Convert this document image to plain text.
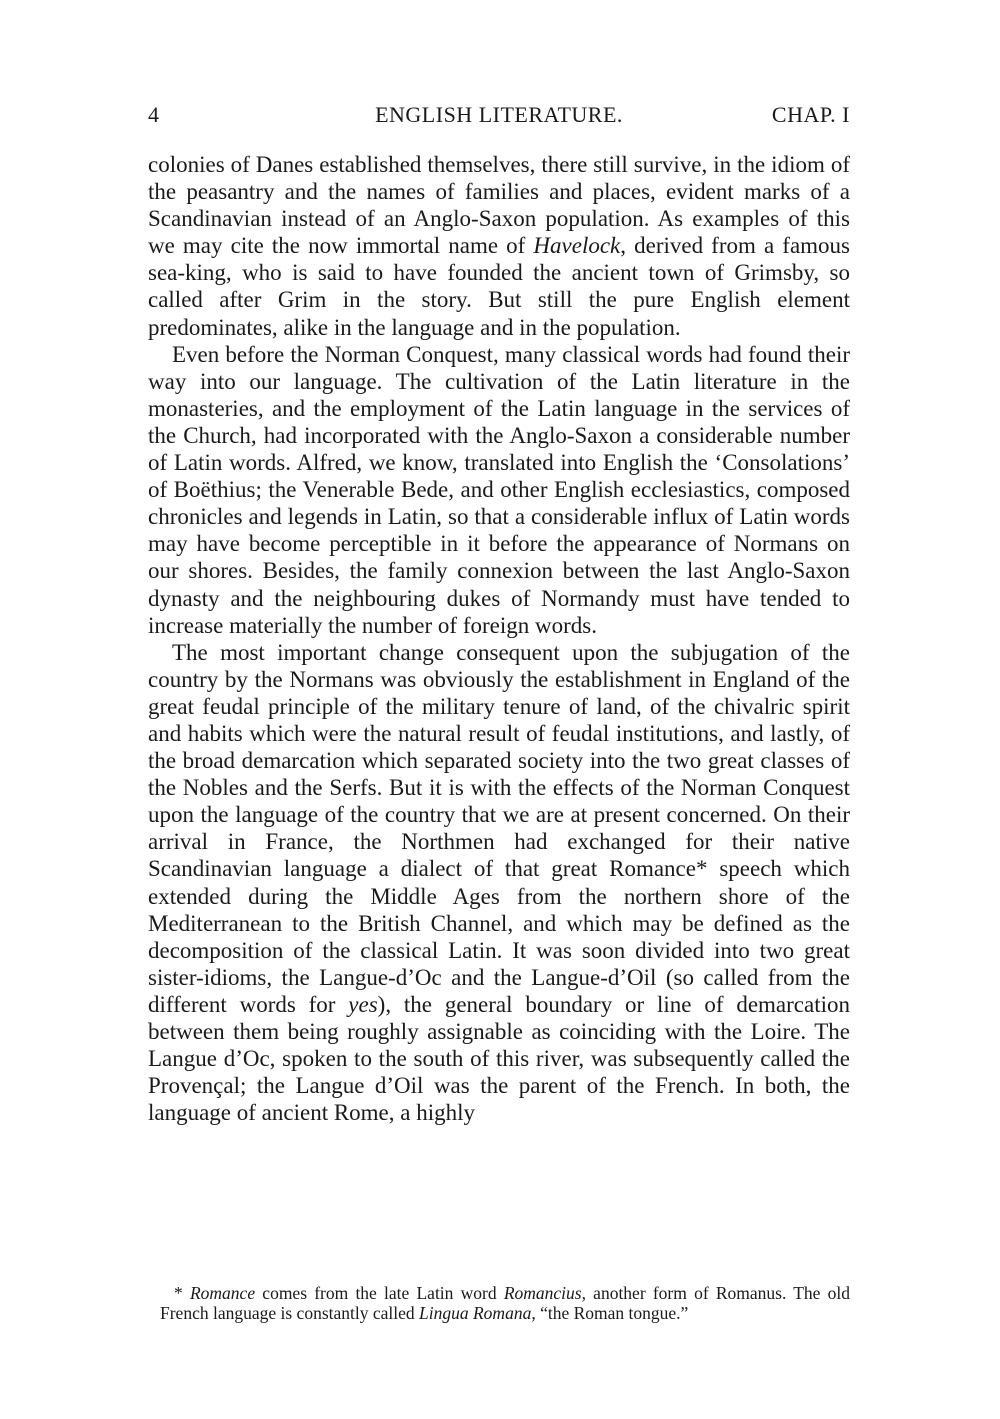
4	ENGLISH LITERATURE.	CHAP. I

colonies of Danes established themselves, there still survive, in the idiom of the peasantry and the names of families and places, evident marks of a Scandinavian instead of an Anglo-Saxon population. As examples of this we may cite the now immortal name of Havelock, derived from a famous sea-king, who is said to have founded the ancient town of Grimsby, so called after Grim in the story. But still the pure English element predominates, alike in the language and in the population.

Even before the Norman Conquest, many classical words had found their way into our language. The cultivation of the Latin literature in the monasteries, and the employment of the Latin language in the services of the Church, had incorporated with the Anglo-Saxon a considerable number of Latin words. Alfred, we know, translated into English the ‘Consolations’ of Boëthius; the Venerable Bede, and other English ecclesiastics, composed chronicles and legends in Latin, so that a considerable influx of Latin words may have become perceptible in it before the appearance of Normans on our shores. Besides, the family connexion between the last Anglo-Saxon dynasty and the neighbouring dukes of Normandy must have tended to increase materially the number of foreign words.

The most important change consequent upon the subjugation of the country by the Normans was obviously the establishment in England of the great feudal principle of the military tenure of land, of the chivalric spirit and habits which were the natural result of feudal institutions, and lastly, of the broad demarcation which separated society into the two great classes of the Nobles and the Serfs. But it is with the effects of the Norman Conquest upon the language of the country that we are at present concerned. On their arrival in France, the Northmen had exchanged for their native Scandinavian language a dialect of that great Romance* speech which extended during the Middle Ages from the northern shore of the Mediterranean to the British Channel, and which may be defined as the decomposition of the classical Latin. It was soon divided into two great sister-idioms, the Langue-d’Oc and the Langue-d’Oil (so called from the different words for yes), the general boundary or line of demarcation between them being roughly assignable as coinciding with the Loire. The Langue d’Oc, spoken to the south of this river, was subsequently called the Provençal; the Langue d’Oil was the parent of the French. In both, the language of ancient Rome, a highly

* Romance comes from the late Latin word Romancius, another form of Romanus. The old French language is constantly called Lingua Romana, “the Roman tongue.”
